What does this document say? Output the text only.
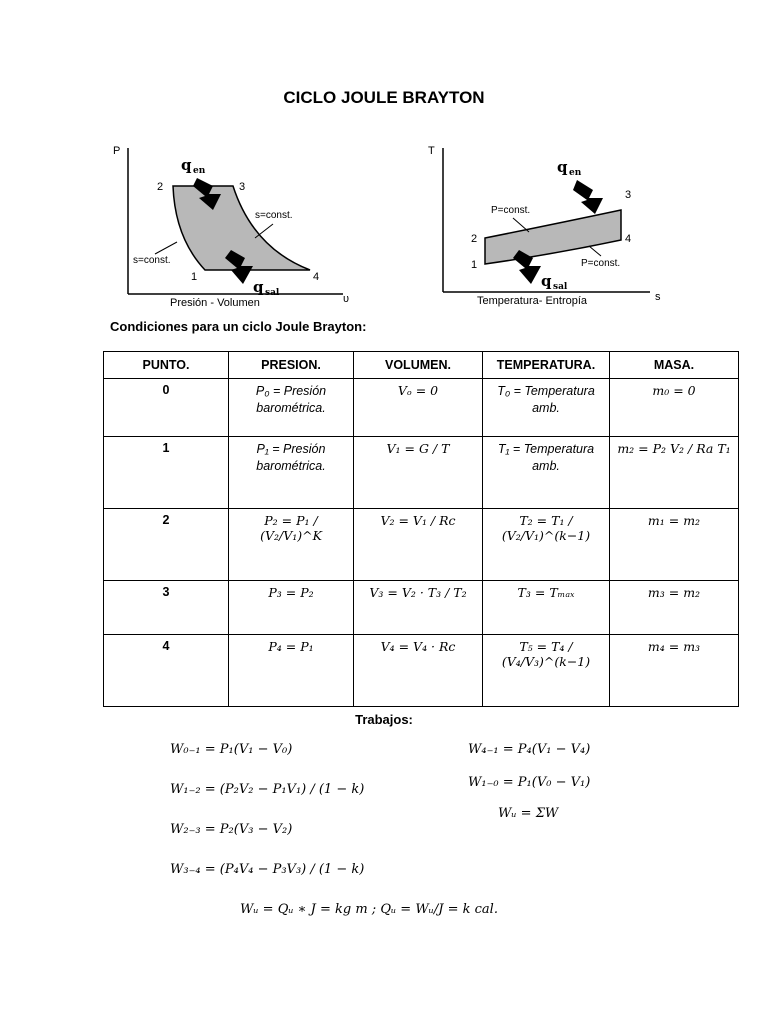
CICLO JOULE BRAYTON
P
υ
Presión - Volumen
q en
q sal
s=const.
s=const.
2	3
1	4
T
s
Temperatura- Entropía
q en
q sal
P=const.
P=const.
2
1
3
4
Condiciones para un ciclo Joule Brayton:
PUNTO.	PRESION.	VOLUMEN.	TEMPERATURA.	MASA.
0	P₀ = Presión barométrica.	Vₒ = 0	T₀ = Temperatura amb.	m₀ = 0
1	P₁ = Presión barométrica.	V₁ = G / T	T₁ = Temperatura amb.	m₂ = P₂ V₂ / Ra T₁
2	P₂ = P₁ / (V₂/V₁)^K	V₂ = V₁ / Rc	T₂ = T₁ / (V₂/V₁)^(k−1)	m₁ = m₂
3	P₃ = P₂	V₃ = V₂ · T₃ / T₂	T₃ = Tₘₐₓ	m₃ = m₂
4	P₄ = P₁	V₄ = V₄ · Rc	T₅ = T₄ / (V₄/V₃)^(k−1)	m₄ = m₃
Trabajos:
W₀₋₁ = P₁(V₁ − V₀)
W₁₋₂ = (P₂V₂ − P₁V₁) / (1 − k)
W₂₋₃ = P₂(V₃ − V₂)
W₃₋₄ = (P₄V₄ − P₃V₃) / (1 − k)
W₄₋₁ = P₄(V₁ − V₄)
W₁₋₀ = P₁(V₀ − V₁)
Wᵤ = ΣW
Wᵤ = Qᵤ ∗ J = kg m ; Qᵤ = Wᵤ/J = k cal.
